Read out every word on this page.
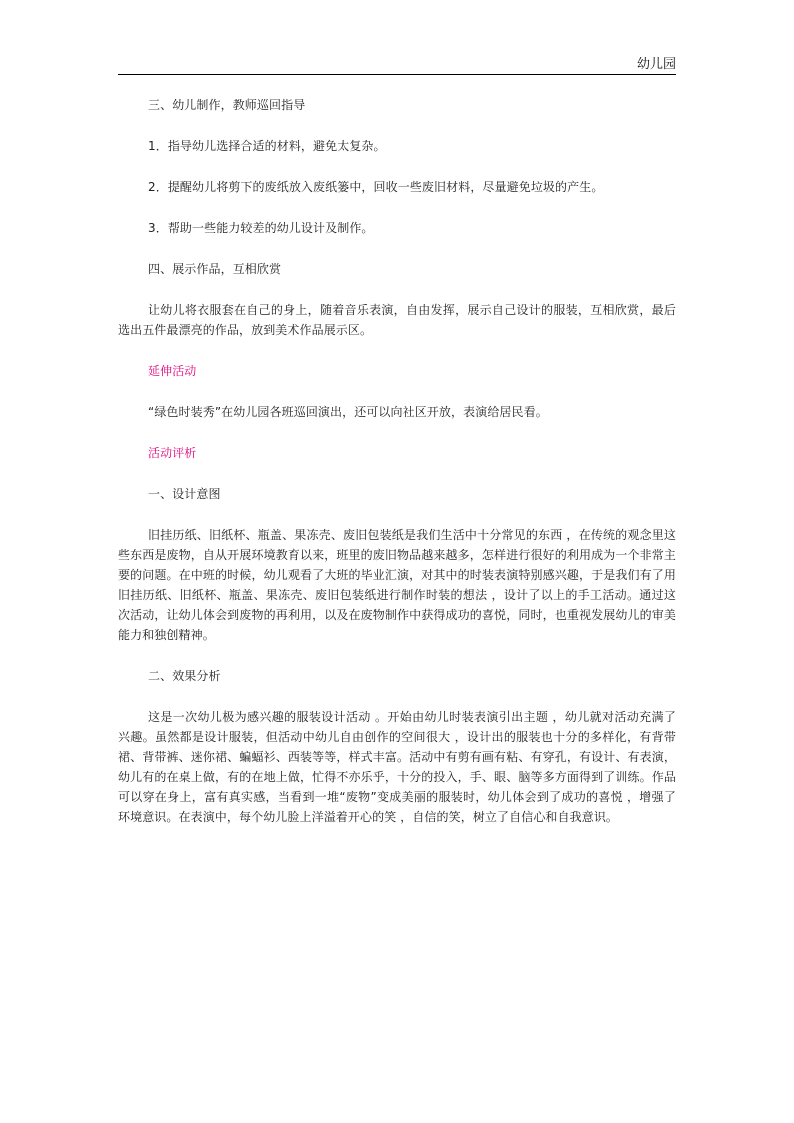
幼儿园

三、幼儿制作，教师巡回指导

1．指导幼儿选择合适的材料，避免太复杂。

2．提醒幼儿将剪下的废纸放入废纸篓中，回收一些废旧材料，尽量避免垃圾的产生。

3．帮助一些能力较差的幼儿设计及制作。

四、展示作品，互相欣赏

让幼儿将衣服套在自己的身上，随着音乐表演，自由发挥，展示自己设计的服装，互相欣赏，最后选出五件最漂亮的作品，放到美术作品展示区。

延伸活动

“绿色时装秀”在幼儿园各班巡回演出，还可以向社区开放，表演给居民看。

活动评析

一、设计意图

旧挂历纸、旧纸杯、瓶盖、果冻壳、废旧包装纸是我们生活中十分常见的东西 ，在传统的观念里这些东西是废物，自从开展环境教育以来，班里的废旧物品越来越多，怎样进行很好的利用成为一个非常主要的问题。在中班的时候，幼儿观看了大班的毕业汇演，对其中的时装表演特别感兴趣，于是我们有了用旧挂历纸、旧纸杯、瓶盖、果冻壳、废旧包装纸进行制作时装的想法 ，设计了以上的手工活动。通过这次活动，让幼儿体会到废物的再利用，以及在废物制作中获得成功的喜悦，同时，也重视发展幼儿的审美能力和独创精神。

二、效果分析

这是一次幼儿极为感兴趣的服装设计活动 。开始由幼儿时装表演引出主题 ，幼儿就对活动充满了兴趣。虽然都是设计服装，但活动中幼儿自由创作的空间很大 ，设计出的服装也十分的多样化，有背带裙、背带裤、迷你裙、蝙蝠衫、西装等等，样式丰富。活动中有剪有画有粘、有穿孔，有设计、有表演，幼儿有的在桌上做，有的在地上做，忙得不亦乐乎，十分的投入，手、眼、脑等多方面得到了训练。作品可以穿在身上，富有真实感，当看到一堆“废物”变成美丽的服装时，幼儿体会到了成功的喜悦 ，增强了环境意识。在表演中，每个幼儿脸上洋溢着开心的笑 ，自信的笑，树立了自信心和自我意识。
